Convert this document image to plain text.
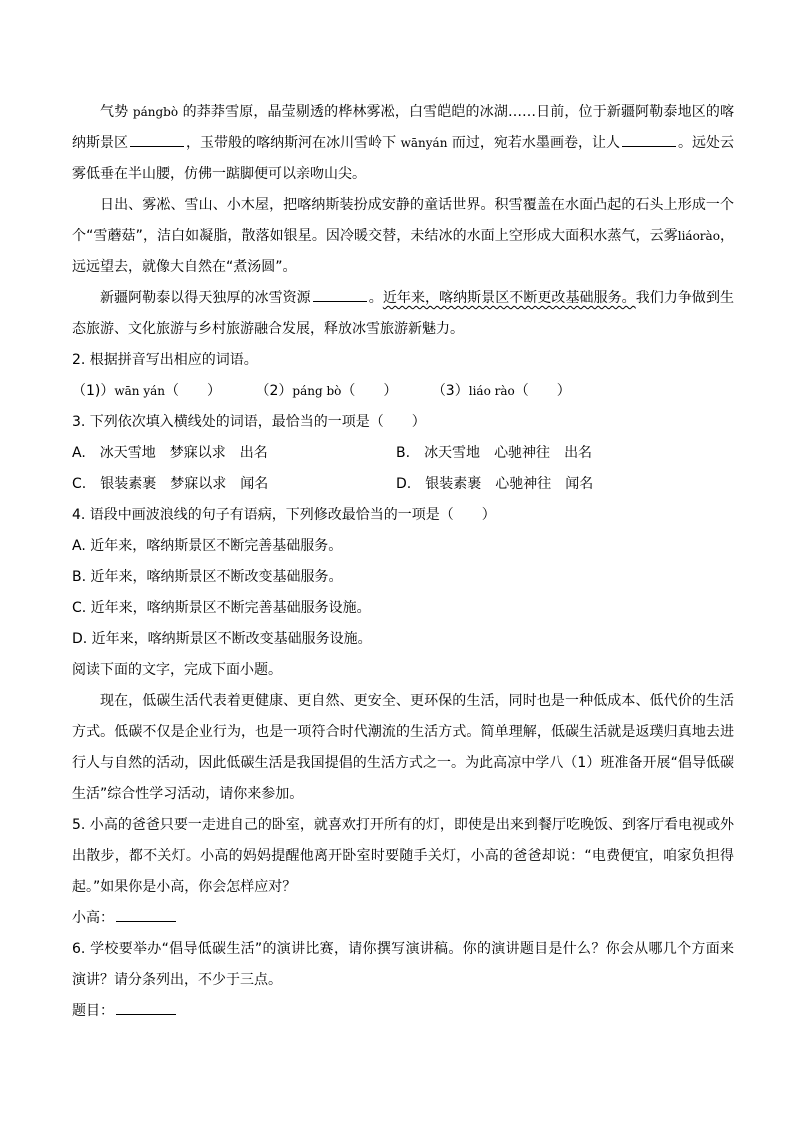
气势 pángbò 的莽莽雪原，晶莹剔透的桦林雾凇，白雪皑皑的冰湖……日前，位于新疆阿勒泰地区的喀纳斯景区	，玉带般的喀纳斯河在冰川雪岭下 wānyán 而过，宛若水墨画卷，让人	。远处云雾低垂在半山腰，仿佛一踮脚便可以亲吻山尖。

日出、雾凇、雪山、小木屋，把喀纳斯装扮成安静的童话世界。积雪覆盖在水面凸起的石头上形成一个个“雪蘑菇”，洁白如凝脂，散落如银星。因冷暖交替，未结冰的水面上空形成大面积水蒸气，云雾liáorào，远远望去，就像大自然在“煮汤圆”。

新疆阿勒泰以得天独厚的冰雪资源	。近年来，喀纳斯景区不断更改基础服务。我们力争做到生态旅游、文化旅游与乡村旅游融合发展，释放冰雪旅游新魅力。

2. 根据拼音写出相应的词语。

（1)）wān yán（　　） （2）páng bò（　　） （3）liáo rào（　　）

3. 下列依次填入横线处的词语，最恰当的一项是（　　）

A. 冰天雪地 梦寐以求 出名	B. 冰天雪地 心驰神往 出名
C. 银装素裹 梦寐以求 闻名	D. 银装素裹 心驰神往 闻名

4. 语段中画波浪线的句子有语病，下列修改最恰当的一项是（　　）

A. 近年来，喀纳斯景区不断完善基础服务。

B. 近年来，喀纳斯景区不断改变基础服务。

C. 近年来，喀纳斯景区不断完善基础服务设施。

D. 近年来，喀纳斯景区不断改变基础服务设施。

阅读下面的文字，完成下面小题。

现在，低碳生活代表着更健康、更自然、更安全、更环保的生活，同时也是一种低成本、低代价的生活方式。低碳不仅是企业行为，也是一项符合时代潮流的生活方式。简单理解，低碳生活就是返璞归真地去进行人与自然的活动，因此低碳生活是我国提倡的生活方式之一。为此高凉中学八（1）班准备开展“倡导低碳生活”综合性学习活动，请你来参加。

5. 小高的爸爸只要一走进自己的卧室，就喜欢打开所有的灯，即使是出来到餐厅吃晚饭、到客厅看电视或外出散步，都不关灯。小高的妈妈提醒他离开卧室时要随手关灯，小高的爸爸却说：“电费便宜，咱家负担得起。”如果你是小高，你会怎样应对？

小高：

6. 学校要举办“倡导低碳生活”的演讲比赛，请你撰写演讲稿。你的演讲题目是什么？你会从哪几个方面来演讲？请分条列出，不少于三点。

题目：
